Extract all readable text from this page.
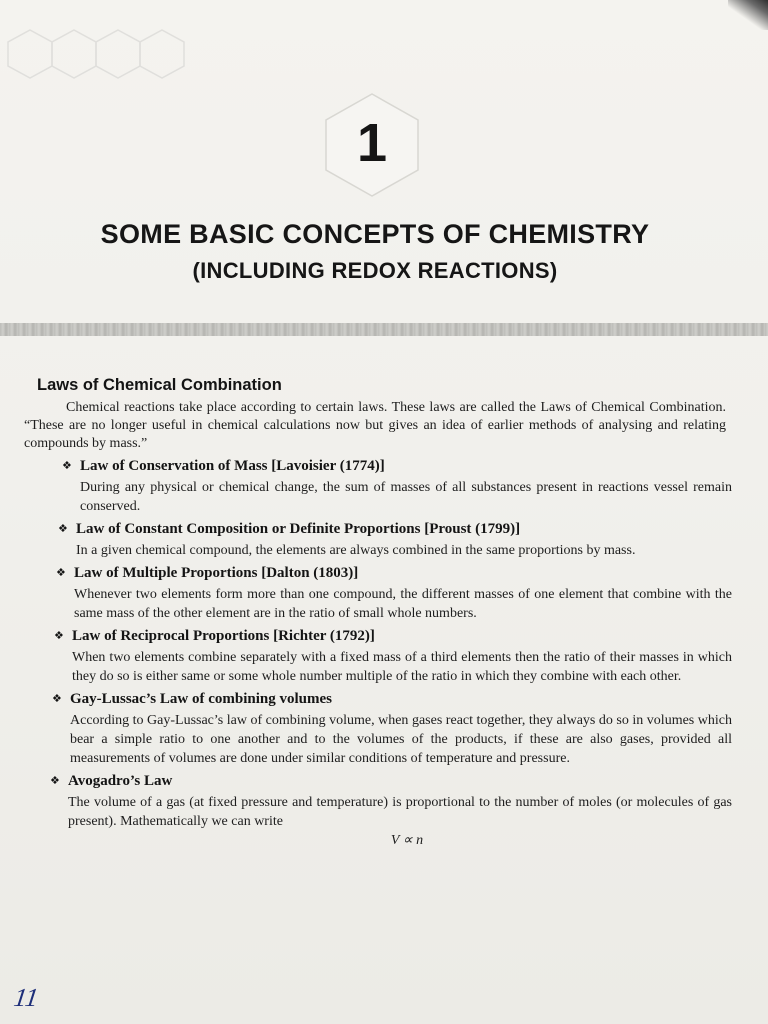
1
SOME BASIC CONCEPTS OF CHEMISTRY
(INCLUDING REDOX REACTIONS)
Laws of Chemical Combination
Chemical reactions take place according to certain laws. These laws are called the Laws of Chemical Combination. “These are no longer useful in chemical calculations now but gives an idea of earlier methods of analysing and relating compounds by mass.”
❖ Law of Conservation of Mass [Lavoisier (1774)]
During any physical or chemical change, the sum of masses of all substances present in reactions vessel remain conserved.
❖ Law of Constant Composition or Definite Proportions [Proust (1799)]
In a given chemical compound, the elements are always combined in the same proportions by mass.
❖ Law of Multiple Proportions [Dalton (1803)]
Whenever two elements form more than one compound, the different masses of one element that combine with the same mass of the other element are in the ratio of small whole numbers.
❖ Law of Reciprocal Proportions [Richter (1792)]
When two elements combine separately with a fixed mass of a third elements then the ratio of their masses in which they do so is either same or some whole number multiple of the ratio in which they combine with each other.
❖ Gay-Lussac’s Law of combining volumes
According to Gay-Lussac’s law of combining volume, when gases react together, they always do so in volumes which bear a simple ratio to one another and to the volumes of the products, if these are also gases, provided all measurements of volumes are done under similar conditions of temperature and pressure.
❖ Avogadro’s Law
The volume of a gas (at fixed pressure and temperature) is proportional to the number of moles (or molecules of gas present). Mathematically we can write
V ∝ n
11
